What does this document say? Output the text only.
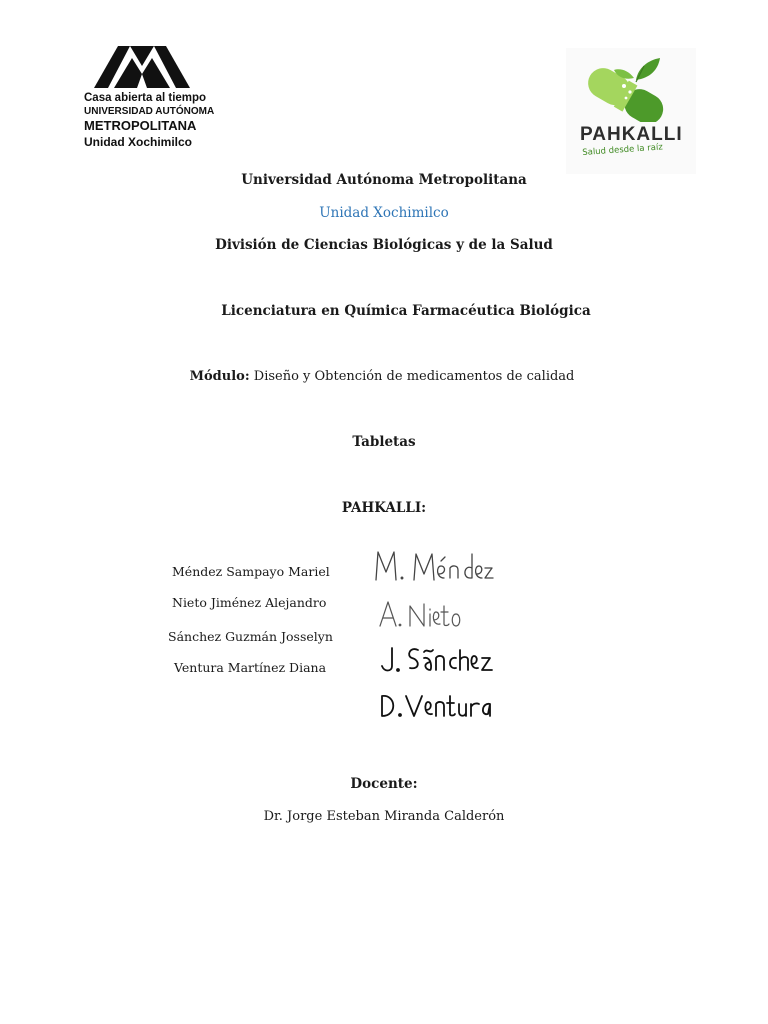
Casa abierta al tiempo
UNIVERSIDAD AUTÓNOMA
METROPOLITANA
Unidad Xochimilco	PAHKALLI
Salud desde la raíz
Universidad Autónoma Metropolitana
Unidad Xochimilco
División de Ciencias Biológicas y de la Salud
Licenciatura en Química Farmacéutica Biológica
Módulo: Diseño y Obtención de medicamentos de calidad
Tabletas
PAHKALLI:
Méndez Sampayo Mariel
Nieto Jiménez Alejandro
Sánchez Guzmán Josselyn
Ventura Martínez Diana
Docente:
Dr. Jorge Esteban Miranda Calderón
